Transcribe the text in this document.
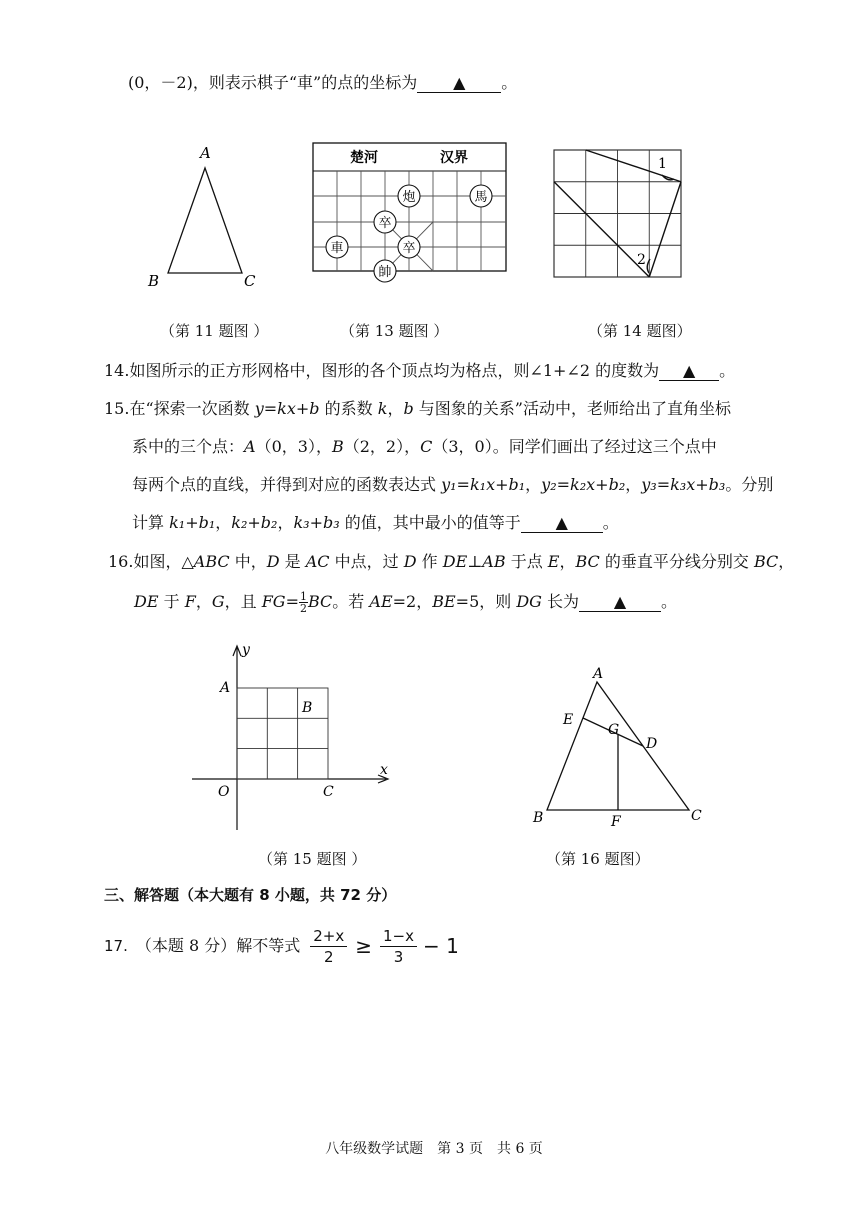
(0，－2)，则表示棋子“車”的点的坐标为 ▲ 。
A
B	C
（第 11 题图 ）
楚河	汉界
炮	馬
卒
卒
車
帥
（第 13 题图 ）
1
2
（第 14 题图）
14.如图所示的正方形网格中，图形的各个顶点均为格点，则∠1+∠2 的度数为 ▲ 。
15.在“探索一次函数 y=kx+b 的系数 k，b 与图象的关系”活动中，老师给出了直角坐标
系中的三个点：A（0，3），B（2，2），C（3，0）。同学们画出了经过这三个点中
每两个点的直线，并得到对应的函数表达式 y₁=k₁x+b₁，y₂=k₂x+b₂，y₃=k₃x+b₃。分别
计算 k₁+b₁，k₂+b₂，k₃+b₃ 的值，其中最小的值等于 ▲ 。
16.如图，△ABC 中，D 是 AC 中点，过 D 作 DE⊥AB 于点 E，BC 的垂直平分线分别交 BC，
DE 于 F，G，且 $FG= \frac{1}{2}$ BC。若 AE=2，BE=5，则 DG 长为 ▲ 。
y
x
A
B
O	C
（第 15 题图 ）
A
E
G
D
B	F	C
（第 16 题图）
三、解答题（本大题有 8 小题，共 72 分）
17. （本题 8 分）解不等式 $\frac{2+x}{2} \ge \frac{1-x}{3} - 1$
八年级数学试题　第 3 页　共 6 页
